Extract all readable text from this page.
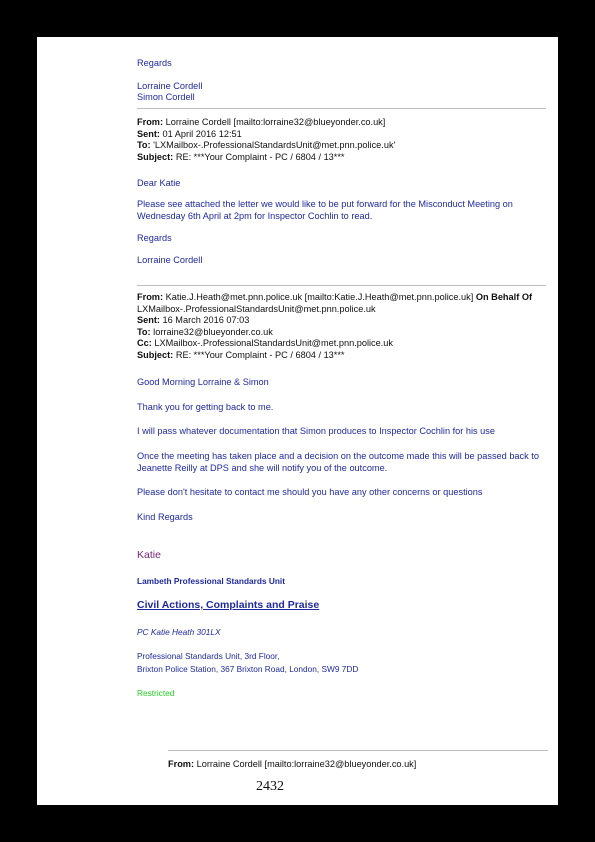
Regards
Lorraine Cordell
Simon Cordell
From: Lorraine Cordell [mailto:lorraine32@blueyonder.co.uk]
Sent: 01 April 2016 12:51
To: 'LXMailbox-.ProfessionalStandardsUnit@met.pnn.police.uk'
Subject: RE: ***Your Complaint - PC / 6804 / 13***
Dear Katie
Please see attached the letter we would like to be put forward for the Misconduct Meeting on Wednesday 6th April at 2pm for Inspector Cochlin to read.
Regards
Lorraine Cordell
From: Katie.J.Heath@met.pnn.police.uk [mailto:Katie.J.Heath@met.pnn.police.uk] On Behalf Of LXMailbox-.ProfessionalStandardsUnit@met.pnn.police.uk
Sent: 16 March 2016 07:03
To: lorraine32@blueyonder.co.uk
Cc: LXMailbox-.ProfessionalStandardsUnit@met.pnn.police.uk
Subject: RE: ***Your Complaint - PC / 6804 / 13***
Good Morning Lorraine & Simon
Thank you for getting back to me.
I will pass whatever documentation that Simon produces to Inspector Cochlin for his use
Once the meeting has taken place and a decision on the outcome made this will be passed back to Jeanette Reilly at DPS and she will notify you of the outcome.
Please don't hesitate to contact me should you have any other concerns or questions
Kind Regards
Katie
Lambeth Professional Standards Unit
Civil Actions, Complaints and Praise
PC Katie Heath 301LX
Professional Standards Unit, 3rd Floor,
Brixton Police Station, 367 Brixton Road, London, SW9 7DD
Restricted
From: Lorraine Cordell [mailto:lorraine32@blueyonder.co.uk]
2432
